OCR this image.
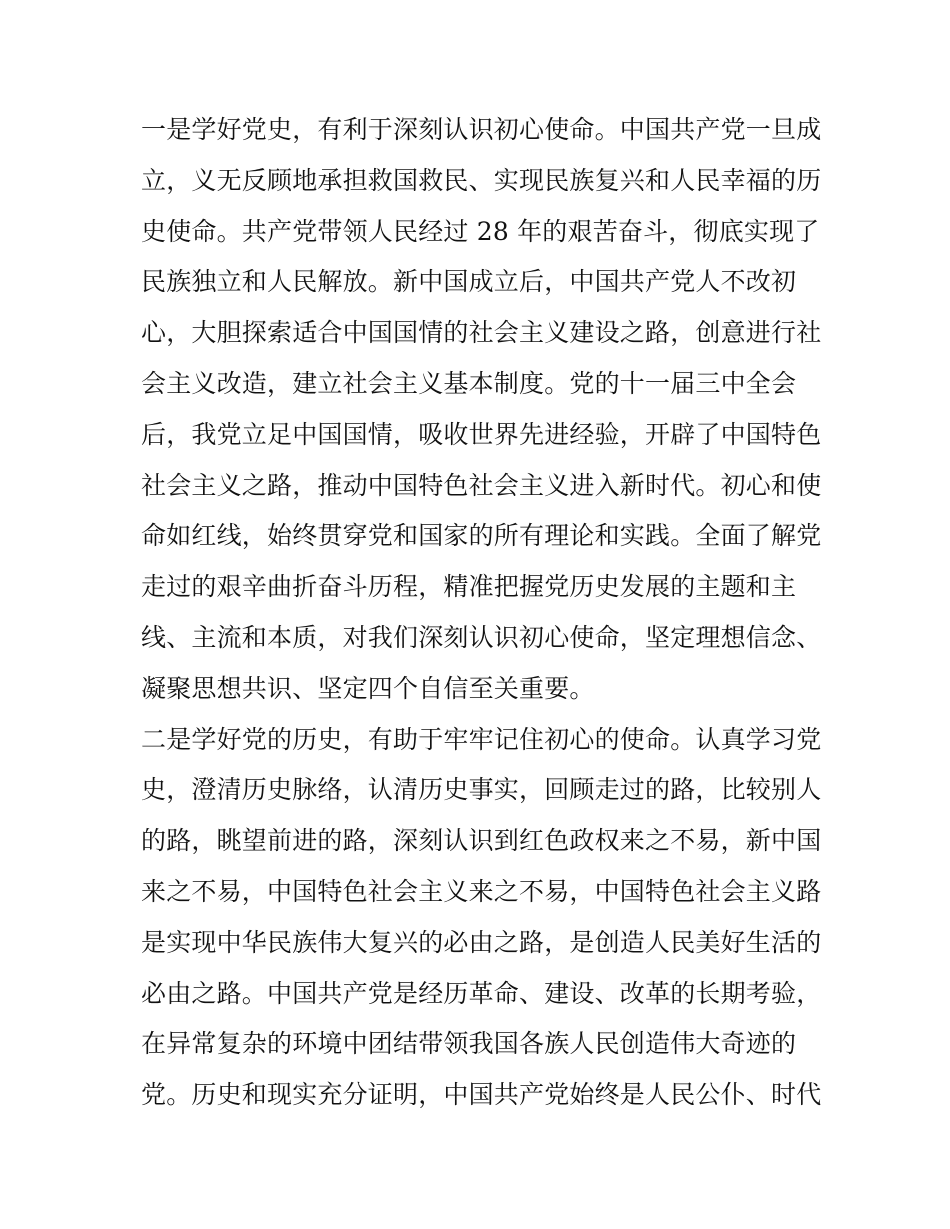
一是学好党史，有利于深刻认识初心使命。中国共产党一旦成
立，义无反顾地承担救国救民、实现民族复兴和人民幸福的历
史使命。共产党带领人民经过 28 年的艰苦奋斗，彻底实现了
民族独立和人民解放。新中国成立后，中国共产党人不改初
心，大胆探索适合中国国情的社会主义建设之路，创意进行社
会主义改造，建立社会主义基本制度。党的十一届三中全会
后，我党立足中国国情，吸收世界先进经验，开辟了中国特色
社会主义之路，推动中国特色社会主义进入新时代。初心和使
命如红线，始终贯穿党和国家的所有理论和实践。全面了解党
走过的艰辛曲折奋斗历程，精准把握党历史发展的主题和主
线、主流和本质，对我们深刻认识初心使命，坚定理想信念、
凝聚思想共识、坚定四个自信至关重要。
二是学好党的历史，有助于牢牢记住初心的使命。认真学习党
史，澄清历史脉络，认清历史事实，回顾走过的路，比较别人
的路，眺望前进的路，深刻认识到红色政权来之不易，新中国
来之不易，中国特色社会主义来之不易，中国特色社会主义路
是实现中华民族伟大复兴的必由之路，是创造人民美好生活的
必由之路。中国共产党是经历革命、建设、改革的长期考验，
在异常复杂的环境中团结带领我国各族人民创造伟大奇迹的
党。历史和现实充分证明，中国共产党始终是人民公仆、时代
